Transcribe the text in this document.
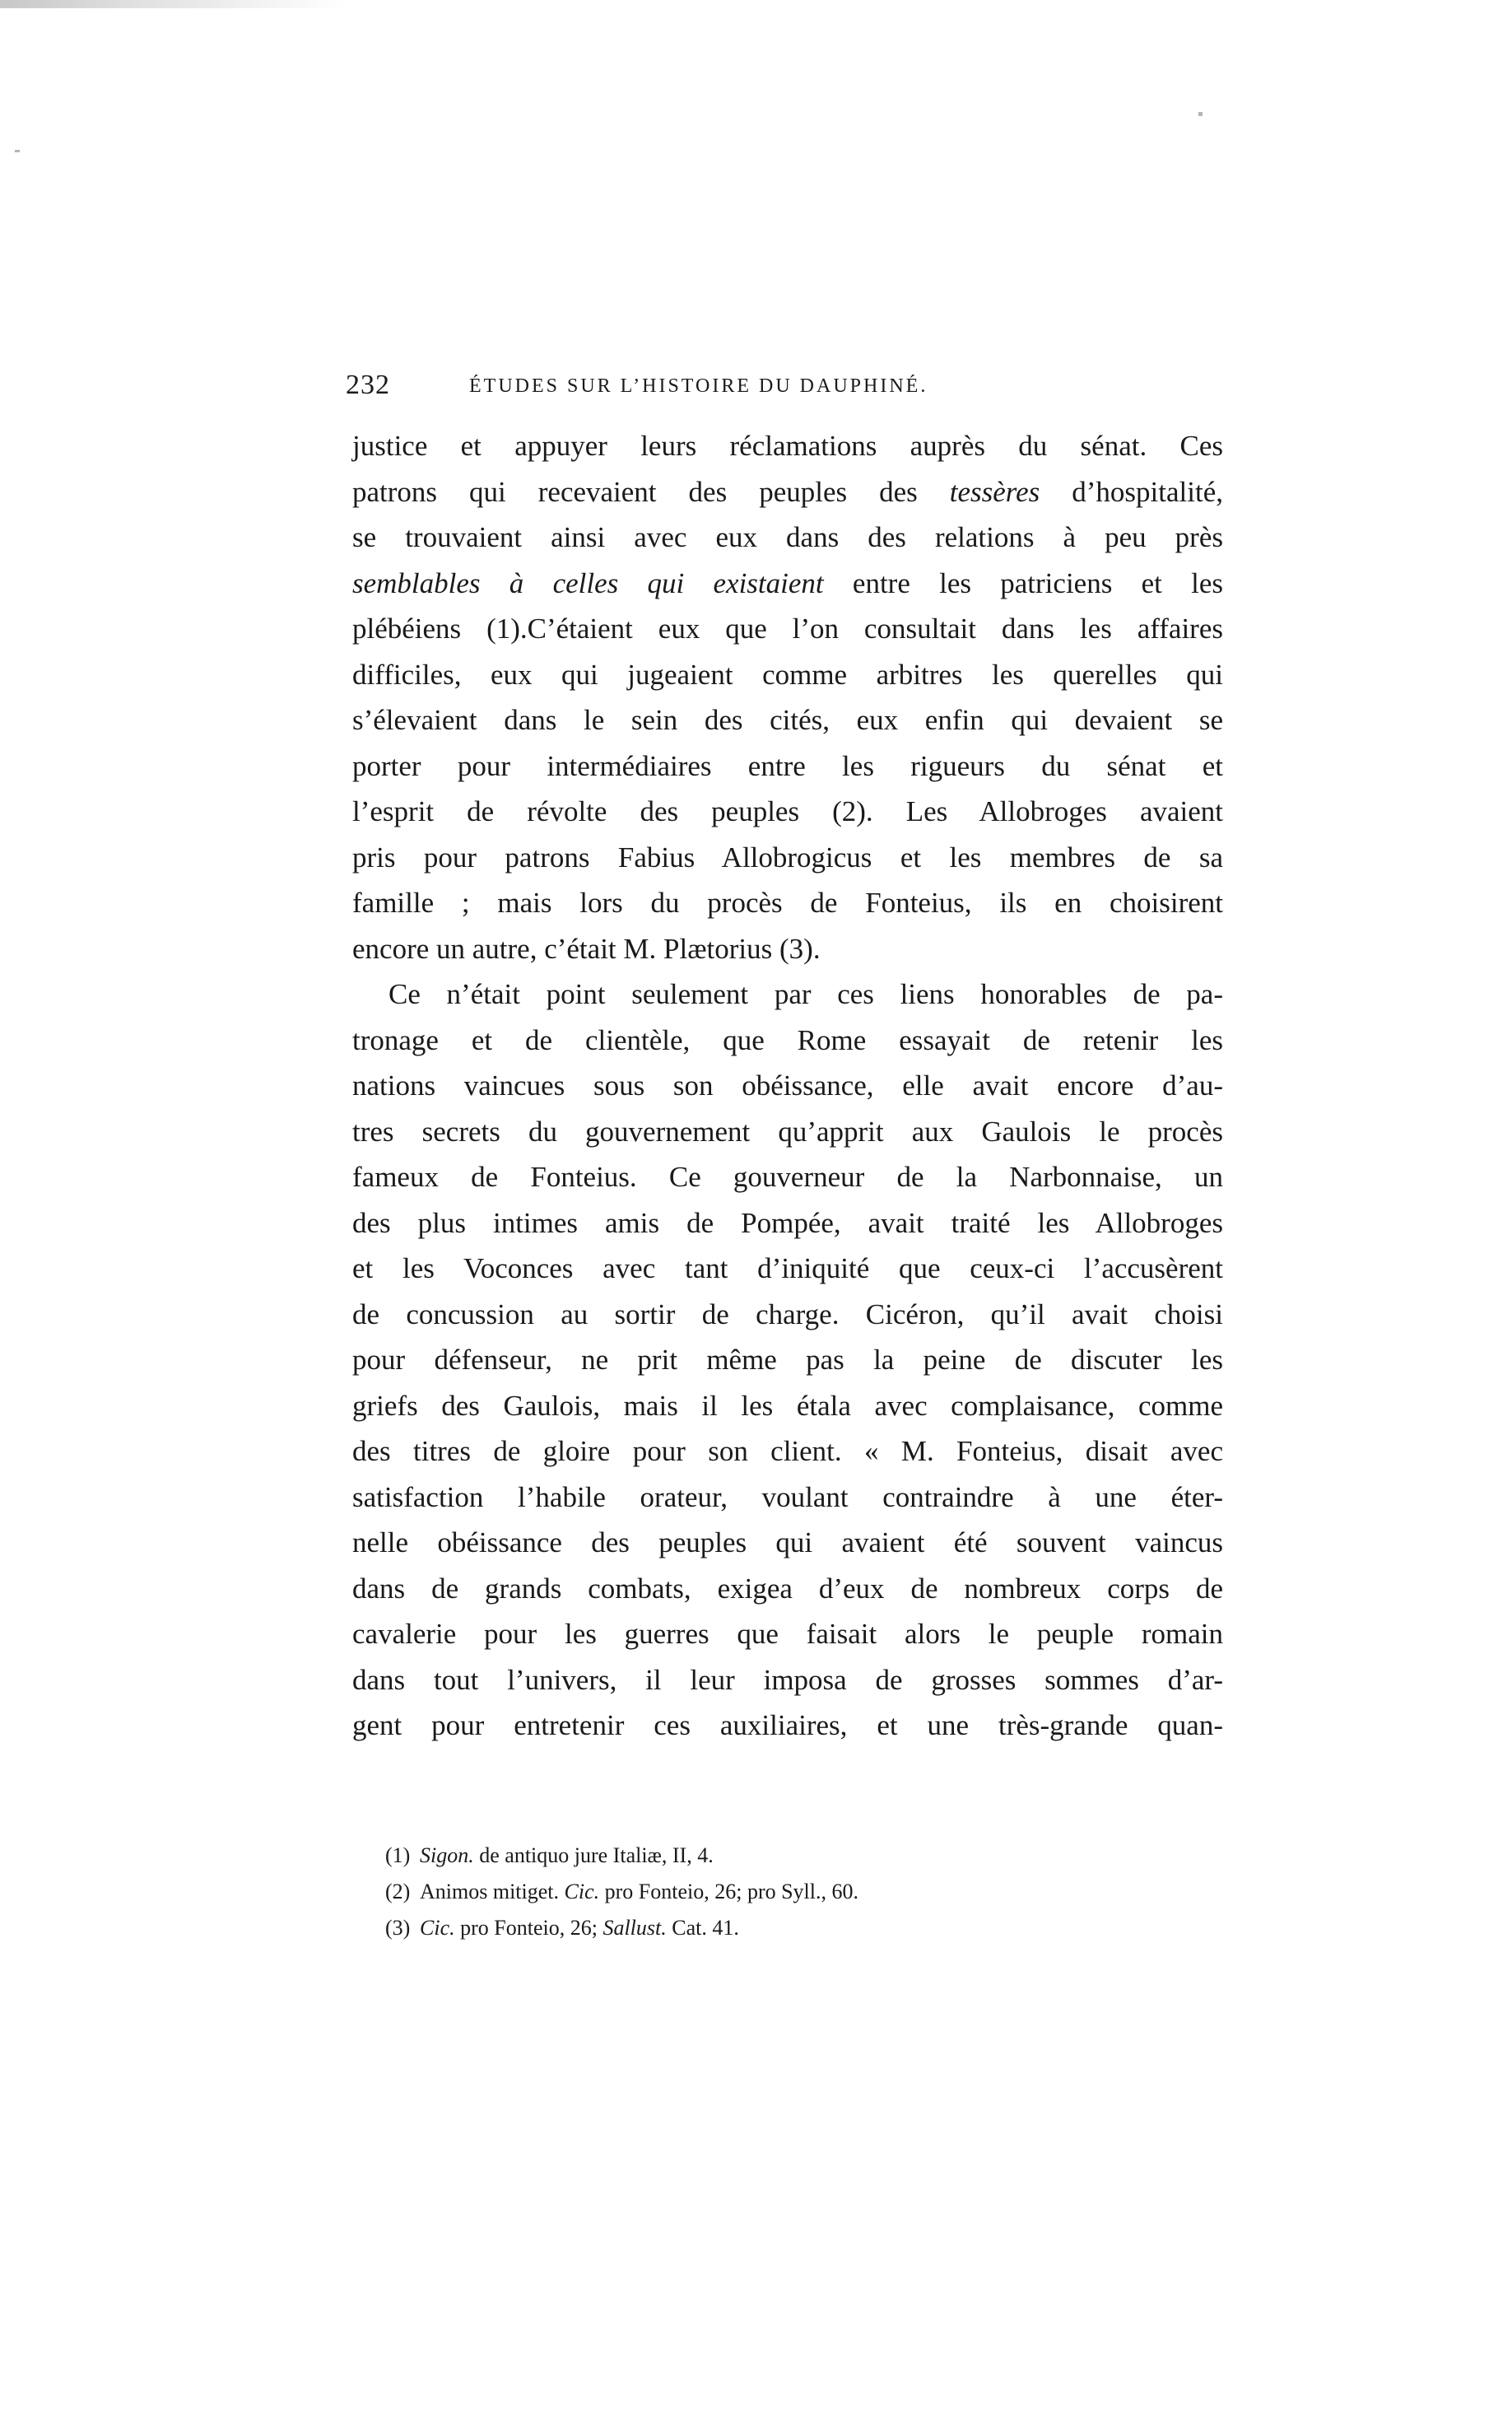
232	ÉTUDES SUR L’HISTOIRE DU DAUPHINÉ.
justice et appuyer leurs réclamations auprès du sénat. Ces
patrons qui recevaient des peuples des tessères d’hospitalité,
se trouvaient ainsi avec eux dans des relations à peu près
semblables à celles qui existaient entre les patriciens et les
plébéiens (1).C’étaient eux que l’on consultait dans les affaires
difficiles, eux qui jugeaient comme arbitres les querelles qui
s’élevaient dans le sein des cités, eux enfin qui devaient se
porter pour intermédiaires entre les rigueurs du sénat et
l’esprit de révolte des peuples (2). Les Allobroges avaient
pris pour patrons Fabius Allobrogicus et les membres de sa
famille ; mais lors du procès de Fonteius, ils en choisirent
encore un autre, c’était M. Plætorius (3).
Ce n’était point seulement par ces liens honorables de pa-
tronage et de clientèle, que Rome essayait de retenir les
nations vaincues sous son obéissance, elle avait encore d’au-
tres secrets du gouvernement qu’apprit aux Gaulois le procès
fameux de Fonteius. Ce gouverneur de la Narbonnaise, un
des plus intimes amis de Pompée, avait traité les Allobroges
et les Voconces avec tant d’iniquité que ceux-ci l’accusèrent
de concussion au sortir de charge. Cicéron, qu’il avait choisi
pour défenseur, ne prit même pas la peine de discuter les
griefs des Gaulois, mais il les étala avec complaisance, comme
des titres de gloire pour son client. « M. Fonteius, disait avec
satisfaction l’habile orateur, voulant contraindre à une éter-
nelle obéissance des peuples qui avaient été souvent vaincus
dans de grands combats, exigea d’eux de nombreux corps de
cavalerie pour les guerres que faisait alors le peuple romain
dans tout l’univers, il leur imposa de grosses sommes d’ar-
gent pour entretenir ces auxiliaires, et une très-grande quan-
(1) Sigon. de antiquo jure Italiæ, II, 4.
(2) Animos mitiget. Cic. pro Fonteio, 26; pro Syll., 60.
(3) Cic. pro Fonteio, 26; Sallust. Cat. 41.
